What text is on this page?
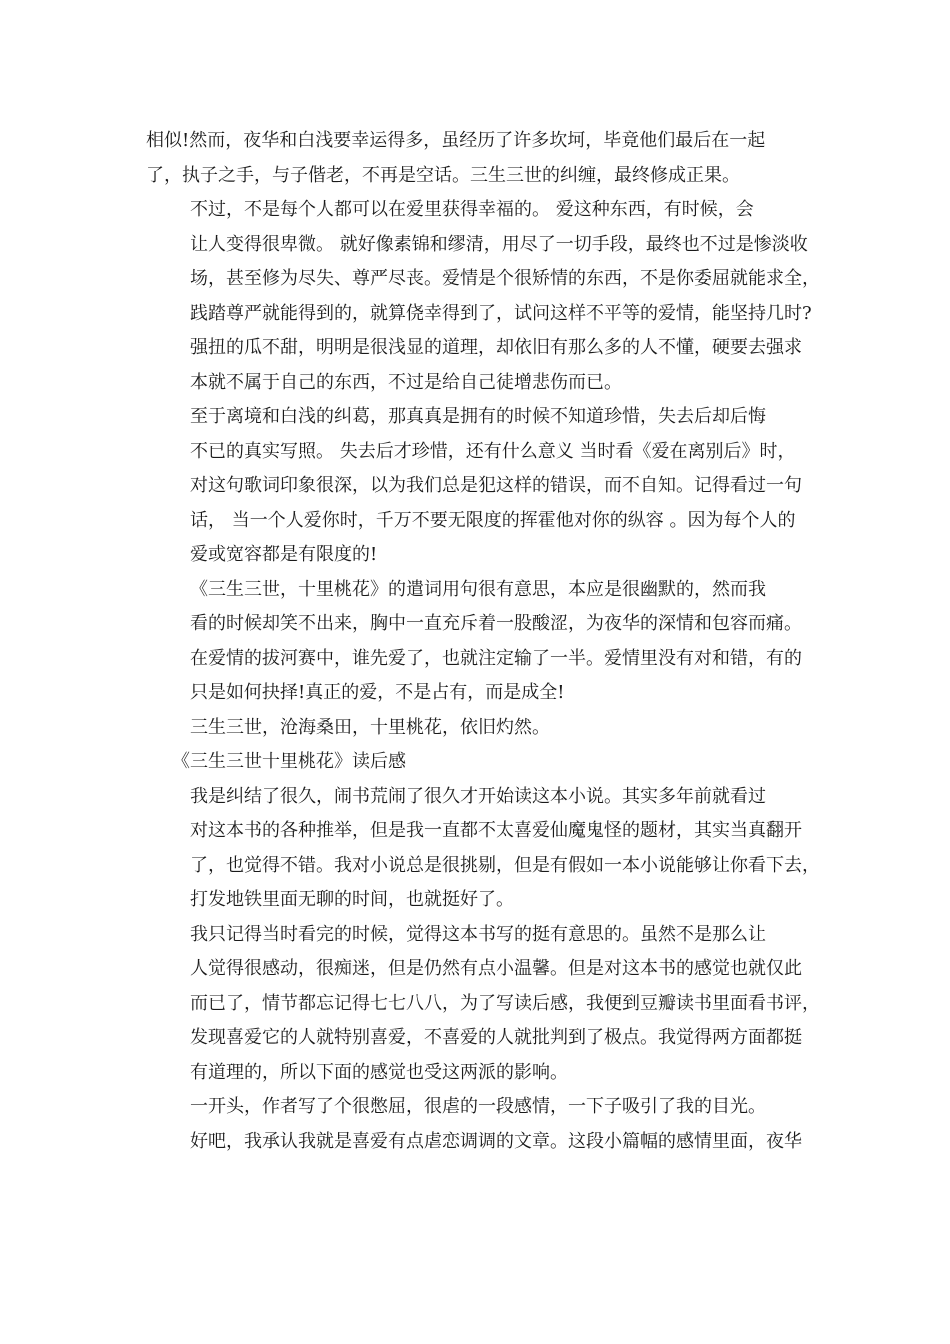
相似!然而，夜华和白浅要幸运得多，虽经历了许多坎坷，毕竟他们最后在一起
了，执子之手，与子偕老，不再是空话。三生三世的纠缠，最终修成正果。
不过，不是每个人都可以在爱里获得幸福的。 爱这种东西，有时候，会
让人变得很卑微。 就好像素锦和缪清，用尽了一切手段，最终也不过是惨淡收
场，甚至修为尽失、尊严尽丧。爱情是个很矫情的东西，不是你委屈就能求全，
践踏尊严就能得到的，就算侥幸得到了，试问这样不平等的爱情，能坚持几时?
强扭的瓜不甜，明明是很浅显的道理，却依旧有那么多的人不懂，硬要去强求
本就不属于自己的东西，不过是给自己徒增悲伤而已。
至于离境和白浅的纠葛，那真真是拥有的时候不知道珍惜，失去后却后悔
不已的真实写照。 失去后才珍惜，还有什么意义 当时看《爱在离别后》时，
对这句歌词印象很深，以为我们总是犯这样的错误，而不自知。记得看过一句
话， 当一个人爱你时，千万不要无限度的挥霍他对你的纵容 。因为每个人的
爱或宽容都是有限度的!
《三生三世，十里桃花》的遣词用句很有意思，本应是很幽默的，然而我
看的时候却笑不出来，胸中一直充斥着一股酸涩，为夜华的深情和包容而痛。
在爱情的拔河赛中，谁先爱了，也就注定输了一半。爱情里没有对和错，有的
只是如何抉择!真正的爱，不是占有，而是成全!
三生三世，沧海桑田，十里桃花，依旧灼然。
《三生三世十里桃花》读后感
我是纠结了很久，闹书荒闹了很久才开始读这本小说。其实多年前就看过
对这本书的各种推举，但是我一直都不太喜爱仙魔鬼怪的题材，其实当真翻开
了，也觉得不错。我对小说总是很挑剔，但是有假如一本小说能够让你看下去，
打发地铁里面无聊的时间，也就挺好了。
我只记得当时看完的时候，觉得这本书写的挺有意思的。虽然不是那么让
人觉得很感动，很痴迷，但是仍然有点小温馨。但是对这本书的感觉也就仅此
而已了，情节都忘记得七七八八，为了写读后感，我便到豆瓣读书里面看书评，
发现喜爱它的人就特别喜爱，不喜爱的人就批判到了极点。我觉得两方面都挺
有道理的，所以下面的感觉也受这两派的影响。
一开头，作者写了个很憋屈，很虐的一段感情，一下子吸引了我的目光。
好吧，我承认我就是喜爱有点虐恋调调的文章。这段小篇幅的感情里面，夜华
